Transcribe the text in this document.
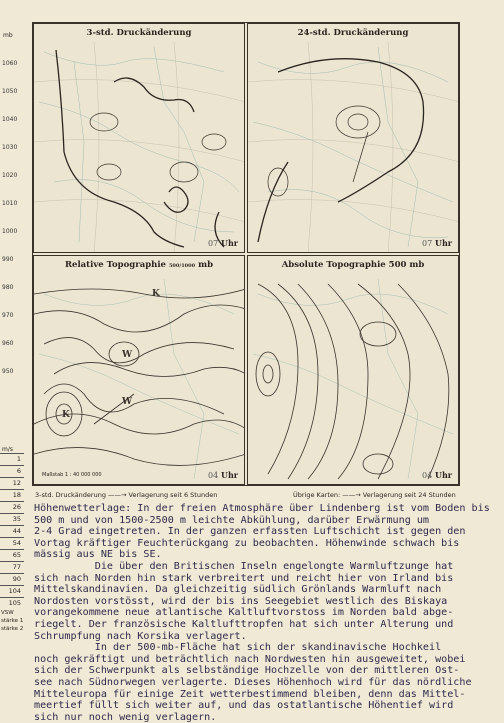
mb
1060
1050
1040
1030
1020
1010
1000
990
980
970
960
950
m/s
1
6
12
18
26
35
44
54
65
77
90
104
105
VSW
stärke 1
stärke 2
3-std. Druckänderung
07 Uhr
24-std. Druckänderung
07 Uhr
Relative Topographie 500/1000 mb
K
W
W
K
Maßstab 1 : 40 000 000	04 Uhr
Absolute Topographie 500 mb
04 Uhr
3-std. Druckänderung ——→ Verlagerung seit 6 Stunden	Übrige Karten: ——→ Verlagerung seit 24 Stunden

Höhenwetterlage: In der freien Atmosphäre über Lindenberg ist vom Boden bis

500 m und von 1500-2500 m leichte Abkühlung, darüber Erwärmung um

2-4 Grad eingetreten. In der ganzen erfassten Luftschicht ist gegen den

Vortag kräftiger Feuchterückgang zu beobachten. Höhenwinde schwach bis

mässig aus NE bis SE.

Die über den Britischen Inseln engelongte Warmluftzunge hat

sich nach Norden hin stark verbreitert und reicht hier von Irland bis

Mittelskandinavien. Da gleichzeitig südlich Grönlands Warmluft nach

Nordosten vorstösst, wird der bis ins Seegebiet westlich des Biskaya

vorangekommene neue atlantische Kaltluftvorstoss im Norden bald abge-

riegelt. Der französische Kaltlufttropfen hat sich unter Alterung und

Schrumpfung nach Korsika verlagert.

In der 500-mb-Fläche hat sich der skandinavische Hochkeil

noch gekräftigt und beträchtlich nach Nordwesten hin ausgeweitet, wobei

sich der Schwerpunkt als selbständige Hochzelle von der mittleren Ost-

see nach Südnorwegen verlagerte. Dieses Höhenhoch wird für das nördliche

Mitteleuropa für einige Zeit wetterbestimmend bleiben, denn das Mittel-

meertief füllt sich weiter auf, und das ostatlantische Höhentief wird

sich nur noch wenig verlagern.
